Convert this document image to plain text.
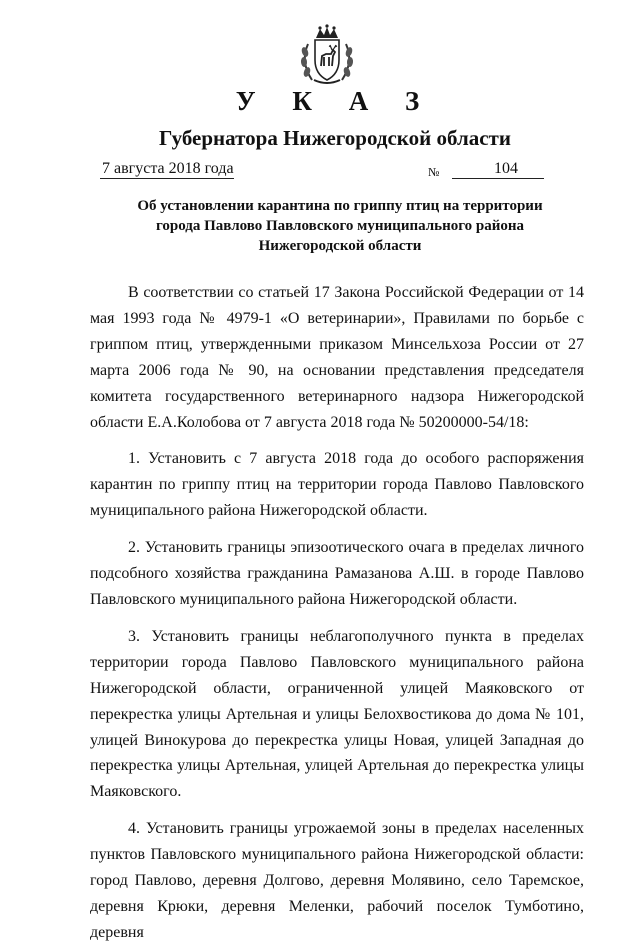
У К А З
Губернатора Нижегородской области
7 августа 2018 года	№	104
Об установлении карантина по гриппу птиц на территории
города Павлово Павловского муниципального района
Нижегородской области

В соответствии со статьей 17 Закона Российской Федерации от 14 мая 1993 года № 4979-1 «О ветеринарии», Правилами по борьбе с гриппом птиц, утвержденными приказом Минсельхоза России от 27 марта 2006 года № 90, на основании представления председателя комитета государственного ветеринарного надзора Нижегородской области Е.А.Колобова от 7 августа 2018 года № 50200000-54/18:

1. Установить с 7 августа 2018 года до особого распоряжения карантин по гриппу птиц на территории города Павлово Павловского муниципального района Нижегородской области.

2. Установить границы эпизоотического очага в пределах личного подсобного хозяйства гражданина Рамазанова А.Ш. в городе Павлово Павловского муниципального района Нижегородской области.

3. Установить границы неблагополучного пункта в пределах территории города Павлово Павловского муниципального района Нижегородской области, ограниченной улицей Маяковского от перекрестка улицы Артельная и улицы Белохвостикова до дома № 101, улицей Винокурова до перекрестка улицы Новая, улицей Западная до перекрестка улицы Артельная, улицей Артельная до перекрестка улицы Маяковского.

4. Установить границы угрожаемой зоны в пределах населенных пунктов Павловского муниципального района Нижегородской области: город Павлово, деревня Долгово, деревня Молявино, село Таремское, деревня Крюки, деревня Меленки, рабочий поселок Тумботино, деревня
